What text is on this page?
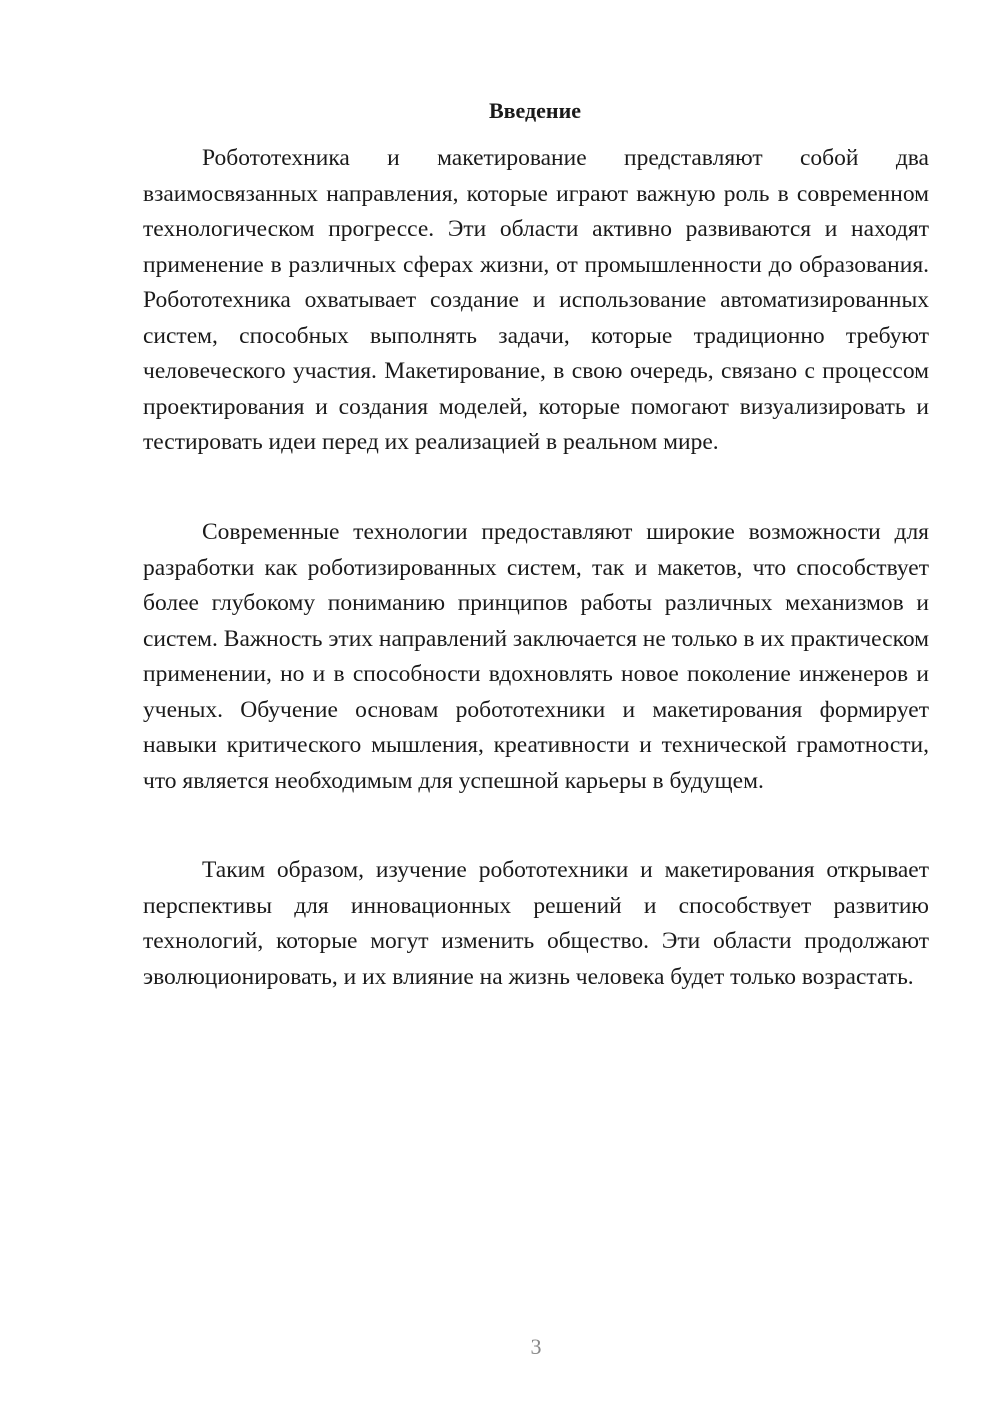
Введение

Робототехника и макетирование представляют собой два взаимосвязанных направления, которые играют важную роль в современном технологическом прогрессе. Эти области активно развиваются и находят применение в различных сферах жизни, от промышленности до образования. Робототехника охватывает создание и использование автоматизированных систем, способных выполнять задачи, которые традиционно требуют человеческого участия. Макетирование, в свою очередь, связано с процессом проектирования и создания моделей, которые помогают визуализировать и тестировать идеи перед их реализацией в реальном мире.

Современные технологии предоставляют широкие возможности для разработки как роботизированных систем, так и макетов, что способствует более глубокому пониманию принципов работы различных механизмов и систем. Важность этих направлений заключается не только в их практическом применении, но и в способности вдохновлять новое поколение инженеров и ученых. Обучение основам робототехники и макетирования формирует навыки критического мышления, креативности и технической грамотности, что является необходимым для успешной карьеры в будущем.

Таким образом, изучение робототехники и макетирования открывает перспективы для инновационных решений и способствует развитию технологий, которые могут изменить общество. Эти области продолжают эволюционировать, и их влияние на жизнь человека будет только возрастать.

3
